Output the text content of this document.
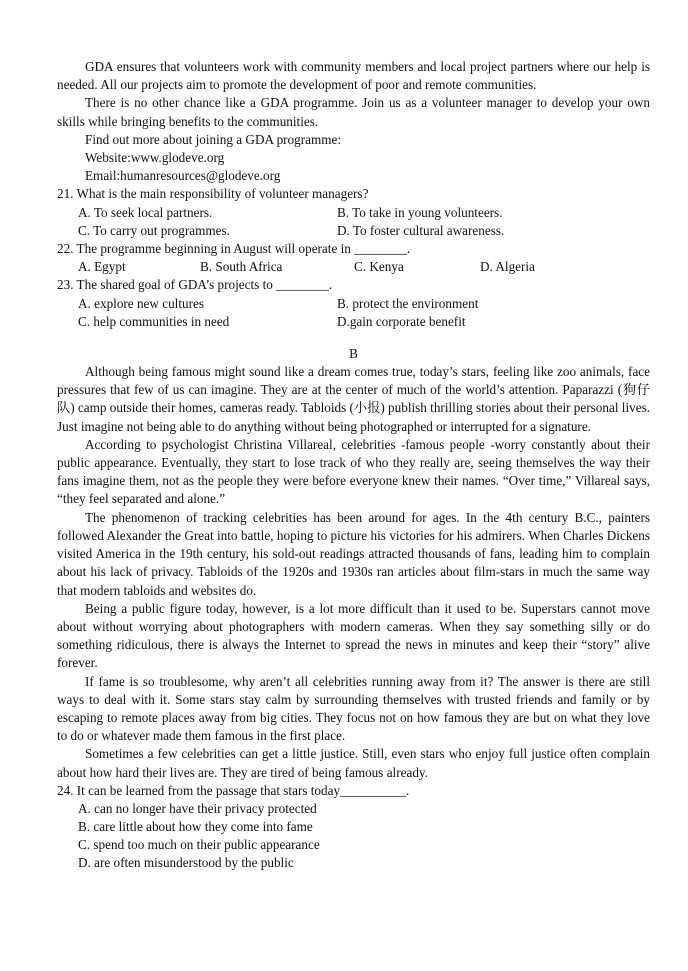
GDA ensures that volunteers work with community members and local project partners where our help is needed. All our projects aim to promote the development of poor and remote communities.

There is no other chance like a GDA programme. Join us as a volunteer manager to develop your own skills while bringing benefits to the communities.

Find out more about joining a GDA programme:
Website:www.glodeve.org
Email:humanresources@glodeve.org
21. What is the main responsibility of volunteer managers?
A. To seek local partners.	B. To take in young volunteers.
C. To carry out programmes.	D. To foster cultural awareness.
22. The programme beginning in August will operate in ________.
A. Egypt	B. South Africa	C. Kenya	D. Algeria
23. The shared goal of GDA’s projects to ________.
A. explore new cultures	B. protect the environment
C. help communities in need	D.gain corporate benefit
B

Although being famous might sound like a dream comes true, today’s stars, feeling like zoo animals, face pressures that few of us can imagine. They are at the center of much of the world’s attention. Paparazzi (狗仔队) camp outside their homes, cameras ready. Tabloids (小报) publish thrilling stories about their personal lives. Just imagine not being able to do anything without being photographed or interrupted for a signature.

According to psychologist Christina Villareal, celebrities -famous people -worry constantly about their public appearance. Eventually, they start to lose track of who they really are, seeing themselves the way their fans imagine them, not as the people they were before everyone knew their names. “Over time,” Villareal says, “they feel separated and alone.”

The phenomenon of tracking celebrities has been around for ages. In the 4th century B.C., painters followed Alexander the Great into battle, hoping to picture his victories for his admirers. When Charles Dickens visited America in the 19th century, his sold-out readings attracted thousands of fans, leading him to complain about his lack of privacy. Tabloids of the 1920s and 1930s ran articles about film-stars in much the same way that modern tabloids and websites do.

Being a public figure today, however, is a lot more difficult than it used to be. Superstars cannot move about without worrying about photographers with modern cameras. When they say something silly or do something ridiculous, there is always the Internet to spread the news in minutes and keep their “story” alive forever.

If fame is so troublesome, why aren’t all celebrities running away from it? The answer is there are still ways to deal with it. Some stars stay calm by surrounding themselves with trusted friends and family or by escaping to remote places away from big cities. They focus not on how famous they are but on what they love to do or whatever made them famous in the first place.

Sometimes a few celebrities can get a little justice. Still, even stars who enjoy full justice often complain about how hard their lives are. They are tired of being famous already.

24. It can be learned from the passage that stars today__________.
A. can no longer have their privacy protected
B. care little about how they come into fame
C. spend too much on their public appearance
D. are often misunderstood by the public
